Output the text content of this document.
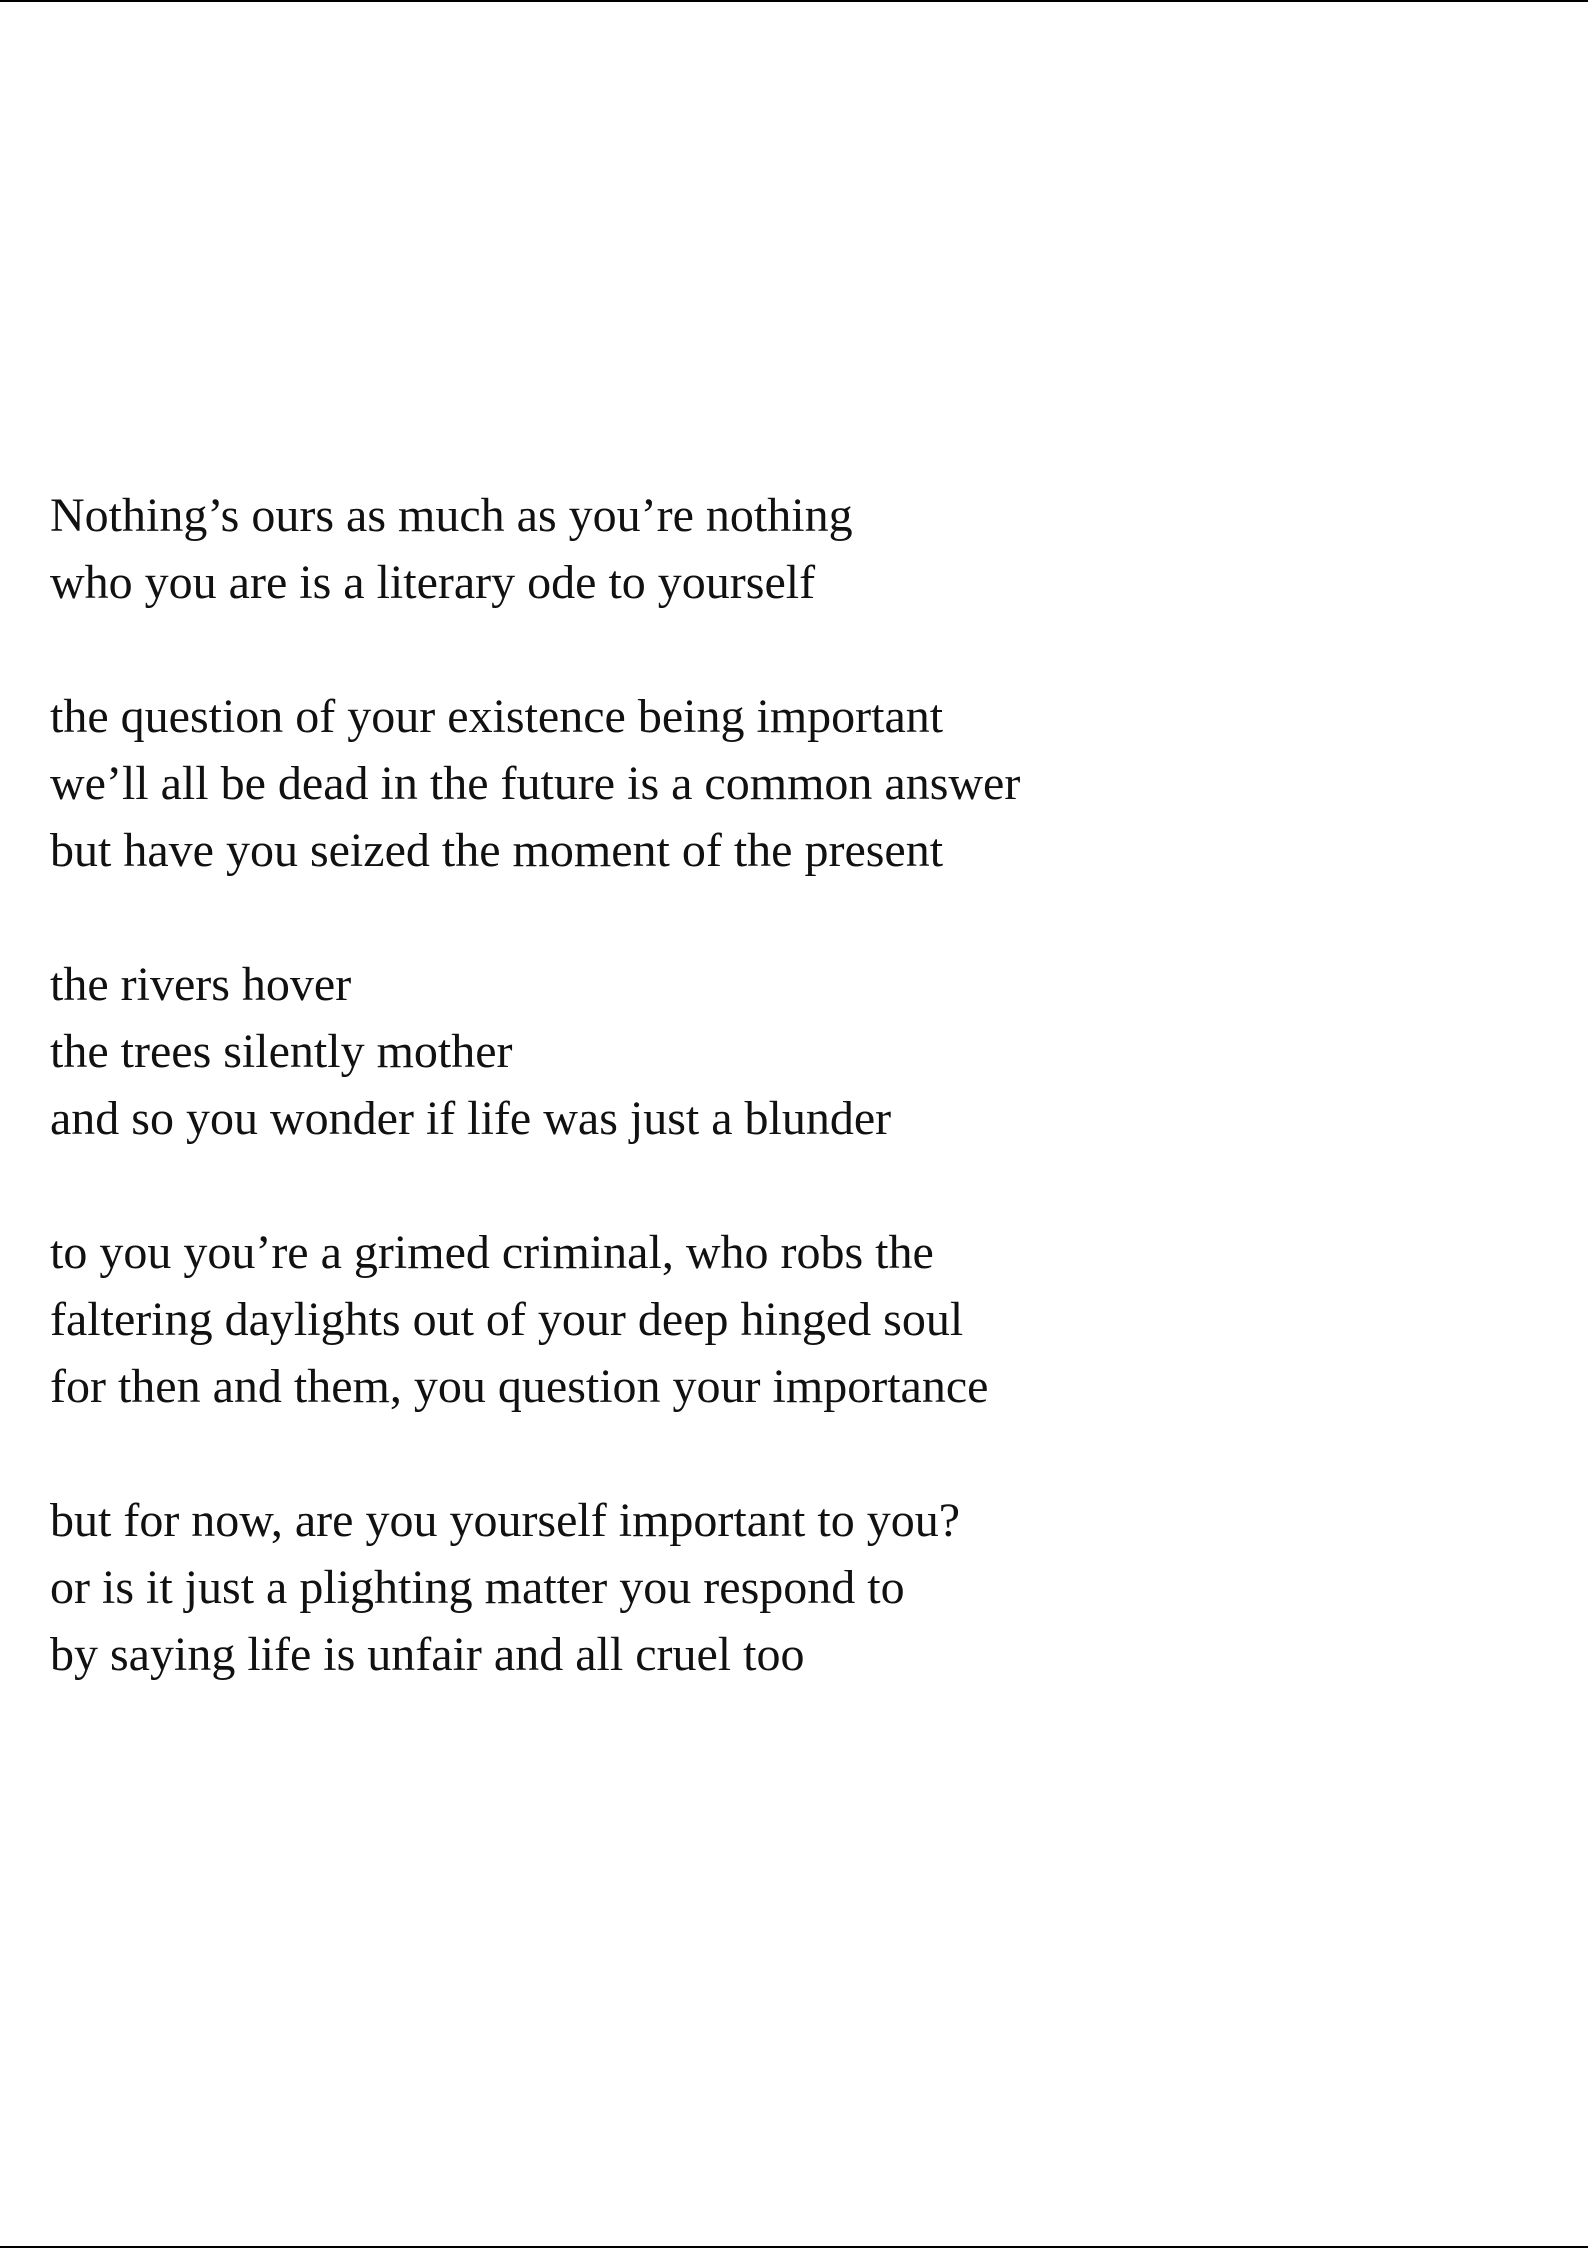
Nothing’s ours as much as you’re nothing
who you are is a literary ode to yourself
the question of your existence being important
we’ll all be dead in the future is a common answer
but have you seized the moment of the present
the rivers hover
the trees silently mother
and so you wonder if life was just a blunder
to you you’re a grimed criminal, who robs the
faltering daylights out of your deep hinged soul
for then and them, you question your importance
but for now, are you yourself important to you?
or is it just a plighting matter you respond to
by saying life is unfair and all cruel too
